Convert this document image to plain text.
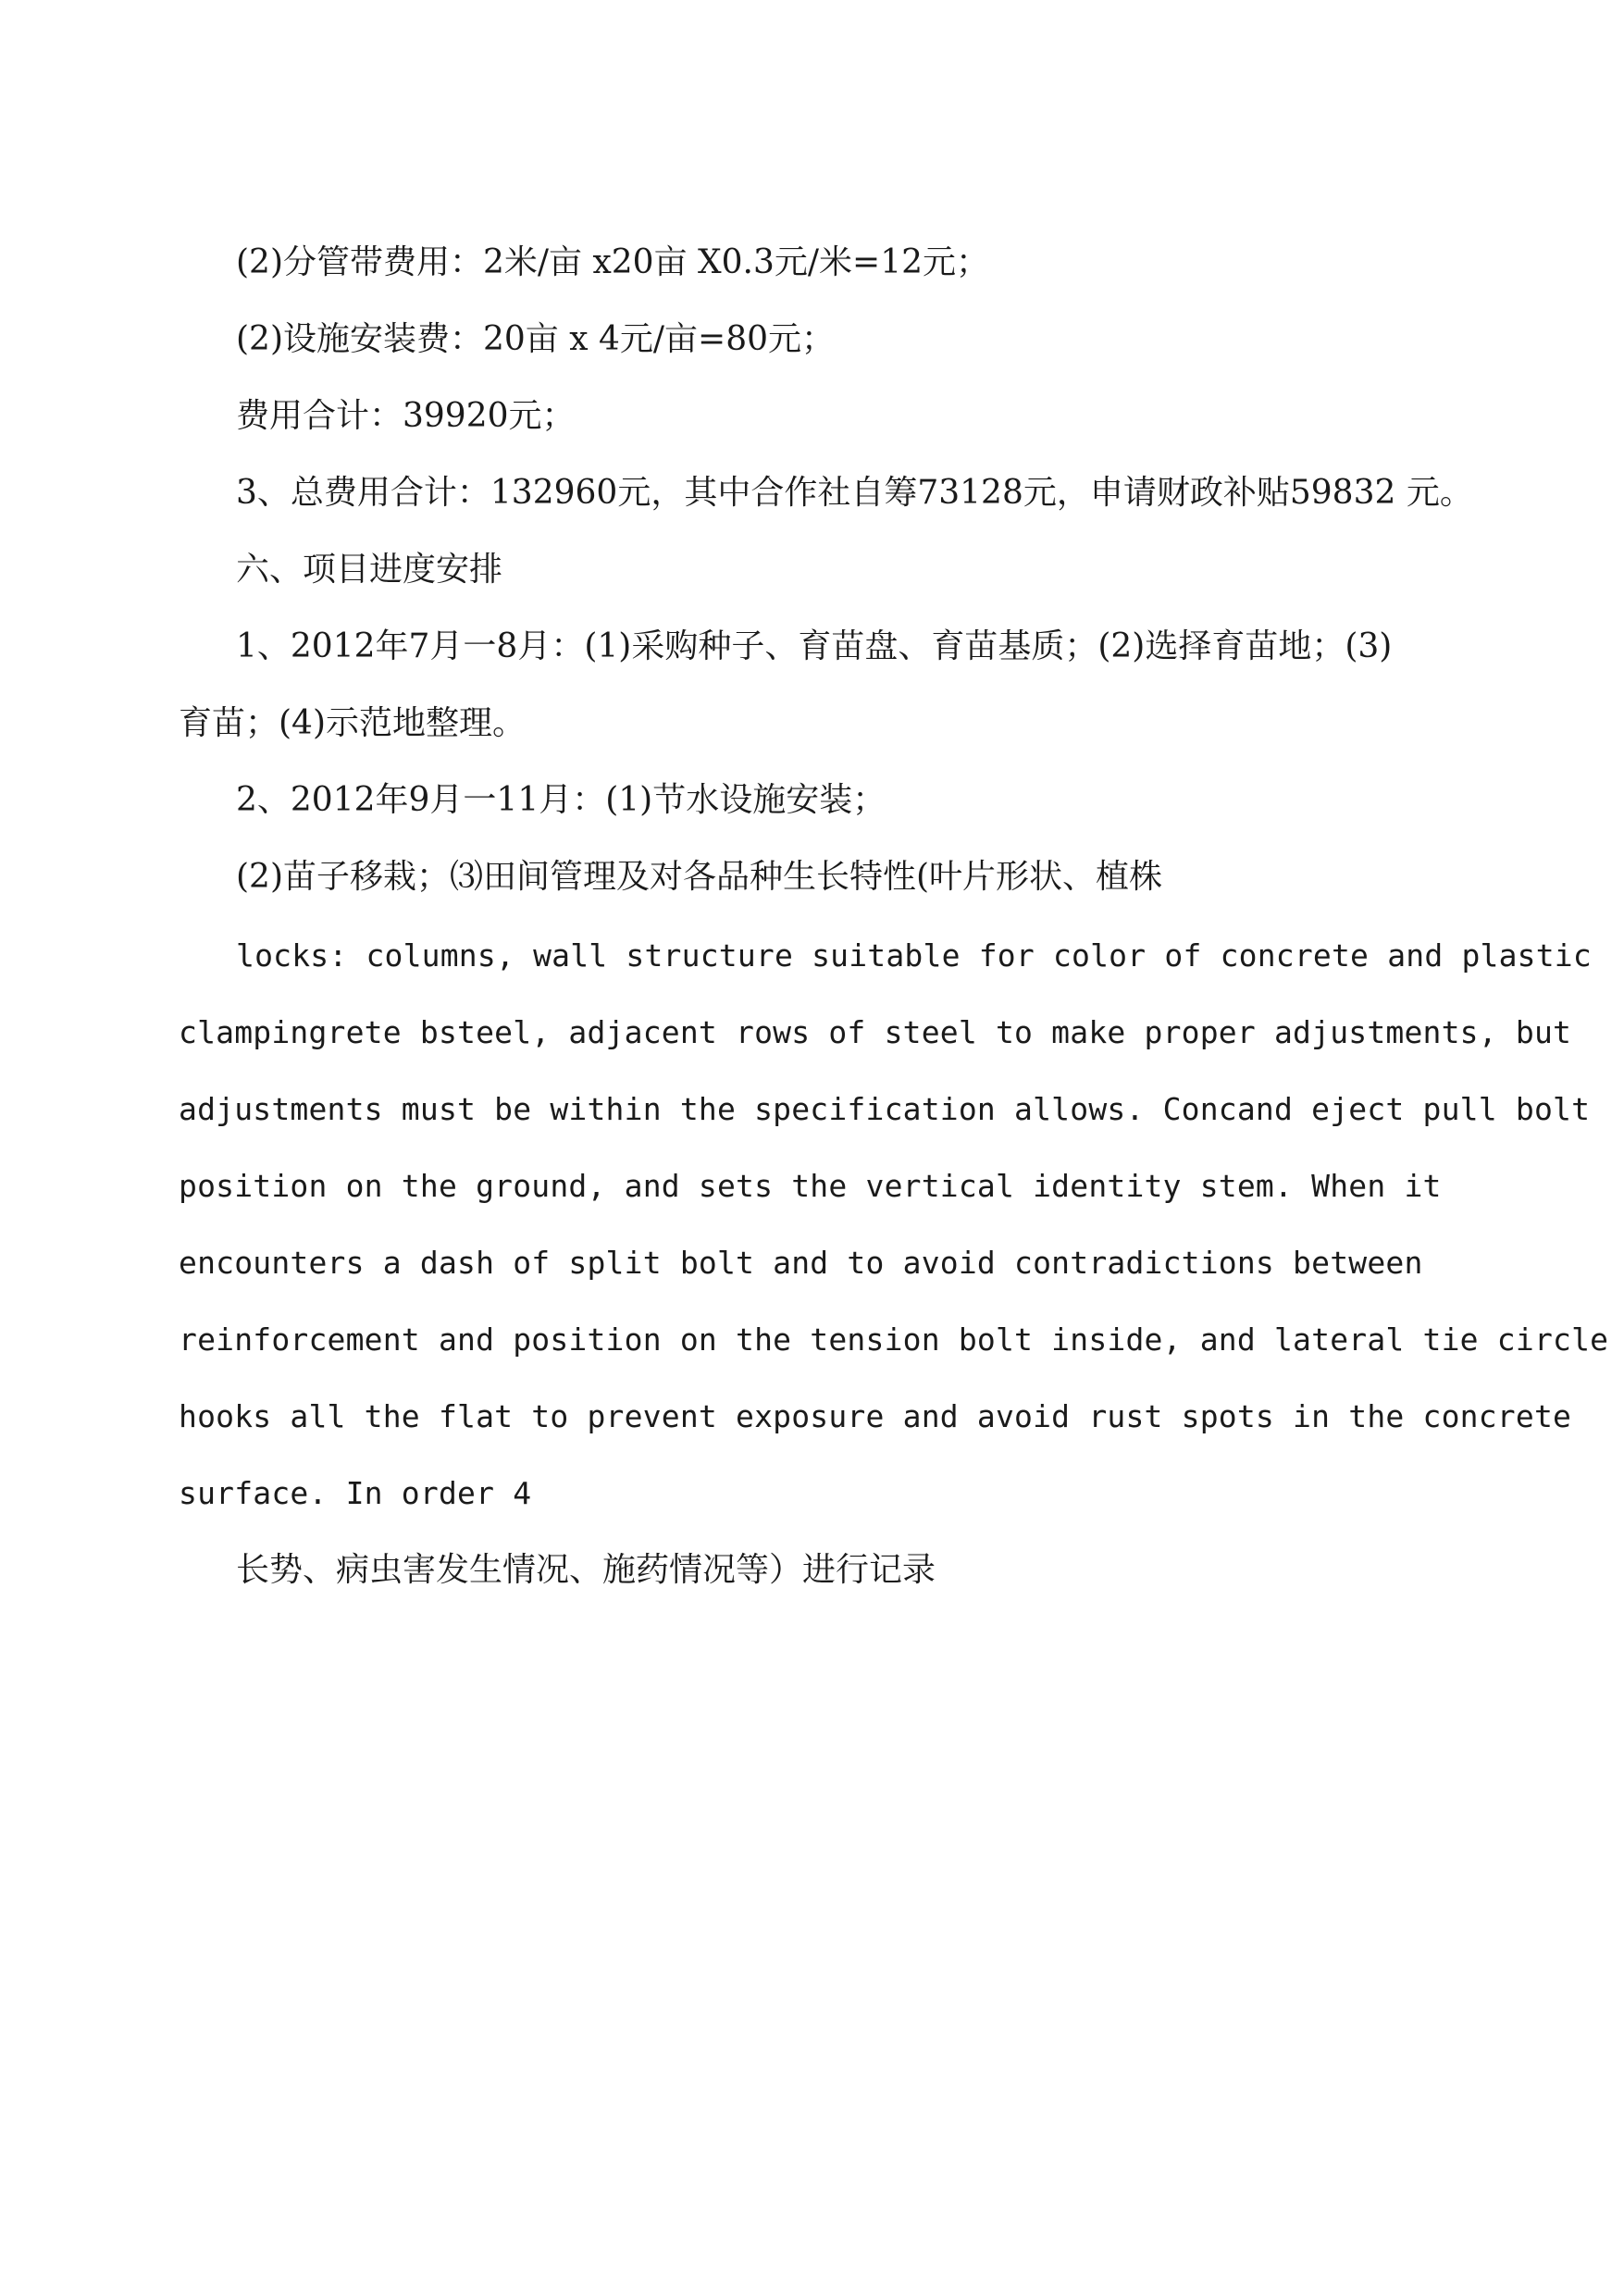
(2)分管带费用：2米/亩 x20亩 X0.3元/米=12元；
(2)设施安装费：20亩 x 4元/亩=80元；
费用合计：39920元；
3、总费用合计：132960元，其中合作社自筹73128元，申请财政补贴59832 元。
六、项目进度安排
1、2012年7月一8月：(1)采购种子、育苗盘、育苗基质；(2)选择育苗地；(3)
育苗；(4)示范地整理。
2、2012年9月一11月：(1)节水设施安装；
(2)苗子移栽；⑶田间管理及对各品种生长特性(叶片形状、植株
locks: columns, wall structure suitable for color of concrete and plastic
clampingrete bsteel, adjacent rows of steel to make proper adjustments, but
adjustments must be within the specification allows. Concand eject pull bolt
position on the ground, and sets the vertical identity stem. When it
encounters a dash of split bolt and to avoid contradictions between
reinforcement and position on the tension bolt inside, and lateral tie circle
hooks all the flat to prevent exposure and avoid rust spots in the concrete
surface. In order 4
长势、病虫害发生情况、施药情况等）进行记录
